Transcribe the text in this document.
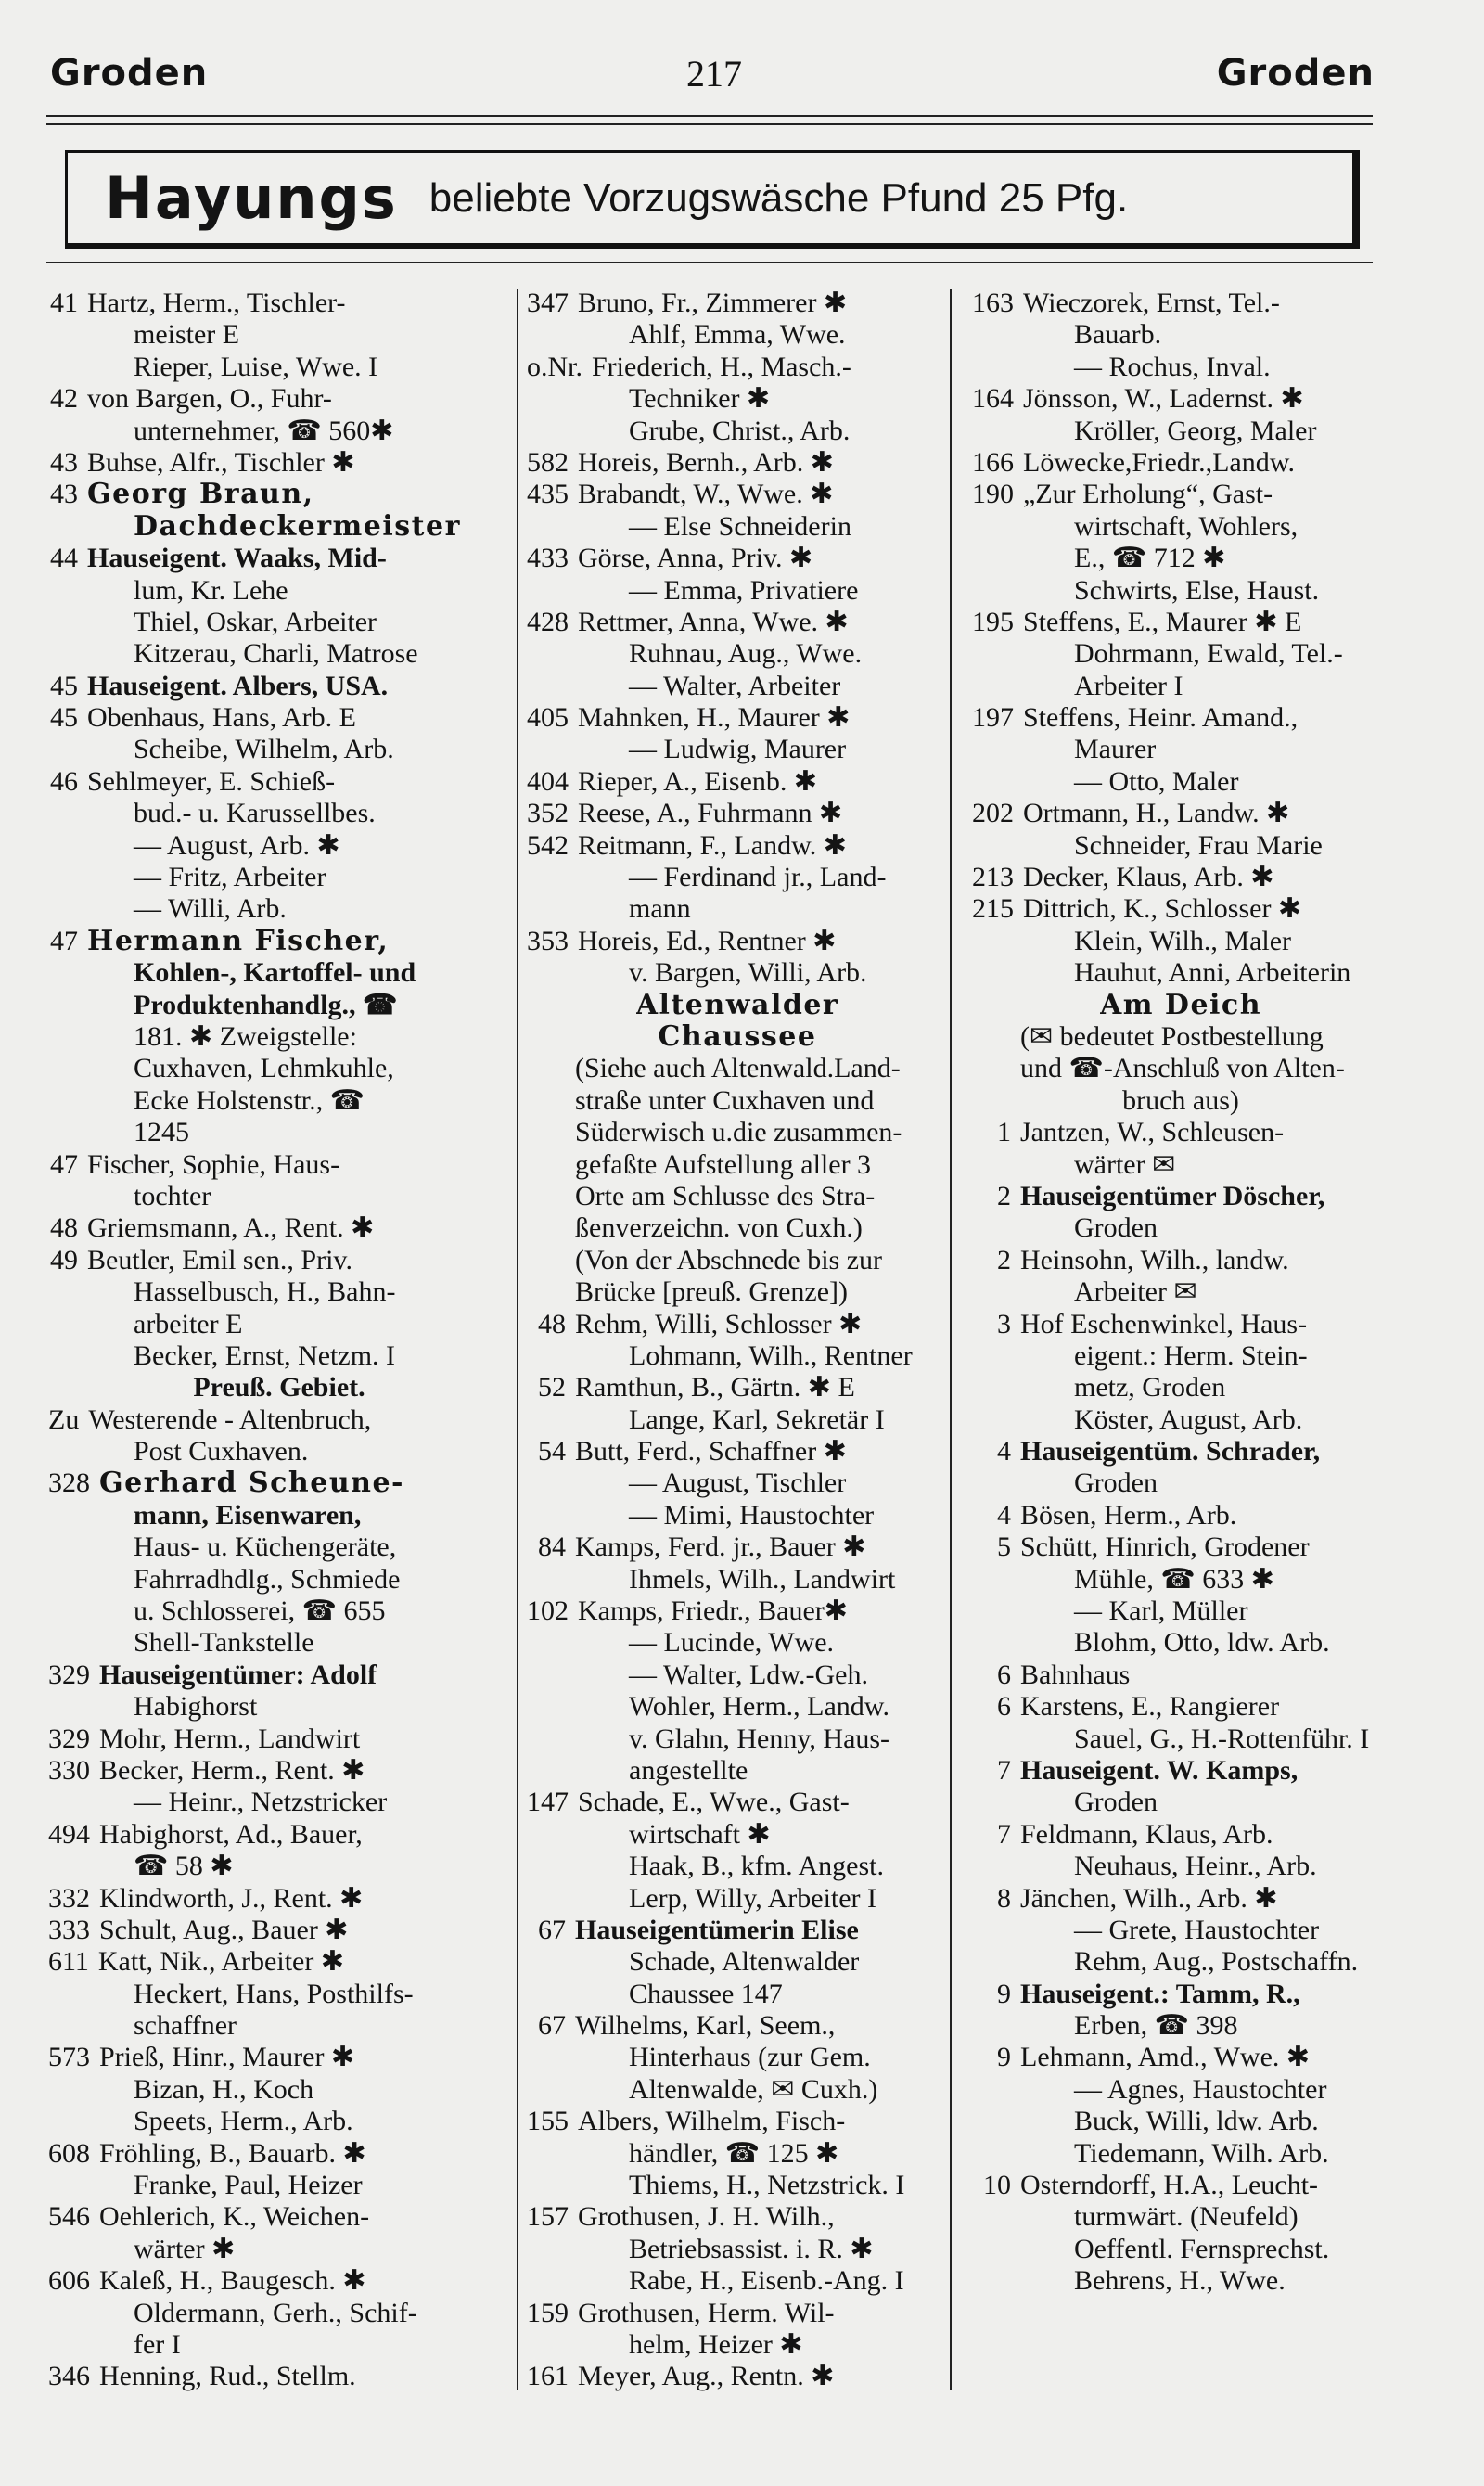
Groden	217	Groden
Hayungs beliebte Vorzugswäsche Pfund 25 Pfg.
41 Hartz, Herm., Tischler-
meister E
Rieper, Luise, Wwe. I
42 von Bargen, O., Fuhr-
unternehmer, ☎ 560✱
43 Buhse, Alfr., Tischler ✱
43 Georg Braun,
Dachdeckermeister
44 Hauseigent. Waaks, Mid-
lum, Kr. Lehe
Thiel, Oskar, Arbeiter
Kitzerau, Charli, Matrose
45 Hauseigent. Albers, USA.
45 Obenhaus, Hans, Arb. E
Scheibe, Wilhelm, Arb.
46 Sehlmeyer, E. Schieß-
bud.- u. Karussellbes.
— August, Arb. ✱
— Fritz, Arbeiter
— Willi, Arb.
47 Hermann Fischer,
Kohlen-, Kartoffel- und
Produktenhandlg., ☎
181. ✱ Zweigstelle:
Cuxhaven, Lehmkuhle,
Ecke Holstenstr., ☎
1245
47 Fischer, Sophie, Haus-
tochter
48 Griemsmann, A., Rent. ✱
49 Beutler, Emil sen., Priv.
Hasselbusch, H., Bahn-
arbeiter E
Becker, Ernst, Netzm. I
Preuß. Gebiet.
Zu Westerende - Altenbruch,
Post Cuxhaven.
328 Gerhard Scheune-
mann, Eisenwaren,
Haus- u. Küchengeräte,
Fahrradhdlg., Schmiede
u. Schlosserei, ☎ 655
Shell-Tankstelle
329 Hauseigentümer: Adolf
Habighorst
329 Mohr, Herm., Landwirt
330 Becker, Herm., Rent. ✱
— Heinr., Netzstricker
494 Habighorst, Ad., Bauer,
☎ 58 ✱
332 Klindworth, J., Rent. ✱
333 Schult, Aug., Bauer ✱
611 Katt, Nik., Arbeiter ✱
Heckert, Hans, Posthilfs-
schaffner
573 Prieß, Hinr., Maurer ✱
Bizan, H., Koch
Speets, Herm., Arb.
608 Fröhling, B., Bauarb. ✱
Franke, Paul, Heizer
546 Oehlerich, K., Weichen-
wärter ✱
606 Kaleß, H., Baugesch. ✱
Oldermann, Gerh., Schif-
fer I
346 Henning, Rud., Stellm.
347 Bruno, Fr., Zimmerer ✱
Ahlf, Emma, Wwe.
o.Nr. Friederich, H., Masch.-
Techniker ✱
Grube, Christ., Arb.
582 Horeis, Bernh., Arb. ✱
435 Brabandt, W., Wwe. ✱
— Else Schneiderin
433 Görse, Anna, Priv. ✱
— Emma, Privatiere
428 Rettmer, Anna, Wwe. ✱
Ruhnau, Aug., Wwe.
— Walter, Arbeiter
405 Mahnken, H., Maurer ✱
— Ludwig, Maurer
404 Rieper, A., Eisenb. ✱
352 Reese, A., Fuhrmann ✱
542 Reitmann, F., Landw. ✱
— Ferdinand jr., Land-
mann
353 Horeis, Ed., Rentner ✱
v. Bargen, Willi, Arb.
Altenwalder
Chaussee
(Siehe auch Altenwald.Land-
straße unter Cuxhaven und
Süderwisch u.die zusammen-
gefaßte Aufstellung aller 3
Orte am Schlusse des Stra-
ßenverzeichn. von Cuxh.)
(Von der Abschnede bis zur
Brücke [preuß. Grenze])
48 Rehm, Willi, Schlosser ✱
Lohmann, Wilh., Rentner
52 Ramthun, B., Gärtn. ✱ E
Lange, Karl, Sekretär I
54 Butt, Ferd., Schaffner ✱
— August, Tischler
— Mimi, Haustochter
84 Kamps, Ferd. jr., Bauer ✱
Ihmels, Wilh., Landwirt
102 Kamps, Friedr., Bauer✱
— Lucinde, Wwe.
— Walter, Ldw.-Geh.
Wohler, Herm., Landw.
v. Glahn, Henny, Haus-
angestellte
147 Schade, E., Wwe., Gast-
wirtschaft ✱
Haak, B., kfm. Angest.
Lerp, Willy, Arbeiter I
67 Hauseigentümerin Elise
Schade, Altenwalder
Chaussee 147
67 Wilhelms, Karl, Seem.,
Hinterhaus (zur Gem.
Altenwalde, ✉ Cuxh.)
155 Albers, Wilhelm, Fisch-
händler, ☎ 125 ✱
Thiems, H., Netzstrick. I
157 Grothusen, J. H. Wilh.,
Betriebsassist. i. R. ✱
Rabe, H., Eisenb.-Ang. I
159 Grothusen, Herm. Wil-
helm, Heizer ✱
161 Meyer, Aug., Rentn. ✱
163 Wieczorek, Ernst, Tel.-
Bauarb.
— Rochus, Inval.
164 Jönsson, W., Ladernst. ✱
Kröller, Georg, Maler
166 Löwecke,Friedr.,Landw.
190 „Zur Erholung“, Gast-
wirtschaft, Wohlers,
E., ☎ 712 ✱
Schwirts, Else, Haust.
195 Steffens, E., Maurer ✱ E
Dohrmann, Ewald, Tel.-
Arbeiter I
197 Steffens, Heinr. Amand.,
Maurer
— Otto, Maler
202 Ortmann, H., Landw. ✱
Schneider, Frau Marie
213 Decker, Klaus, Arb. ✱
215 Dittrich, K., Schlosser ✱
Klein, Wilh., Maler
Hauhut, Anni, Arbeiterin
Am Deich
(✉ bedeutet Postbestellung
und ☎-Anschluß von Alten-
bruch aus)
1 Jantzen, W., Schleusen-
wärter ✉
2 Hauseigentümer Döscher,
Groden
2 Heinsohn, Wilh., landw.
Arbeiter ✉
3 Hof Eschenwinkel, Haus-
eigent.: Herm. Stein-
metz, Groden
Köster, August, Arb.
4 Hauseigentüm. Schrader,
Groden
4 Bösen, Herm., Arb.
5 Schütt, Hinrich, Grodener
Mühle, ☎ 633 ✱
— Karl, Müller
Blohm, Otto, ldw. Arb.
6 Bahnhaus
6 Karstens, E., Rangierer
Sauel, G., H.-Rottenführ. I
7 Hauseigent. W. Kamps,
Groden
7 Feldmann, Klaus, Arb.
Neuhaus, Heinr., Arb.
8 Jänchen, Wilh., Arb. ✱
— Grete, Haustochter
Rehm, Aug., Postschaffn.
9 Hauseigent.: Tamm, R.,
Erben, ☎ 398
9 Lehmann, Amd., Wwe. ✱
— Agnes, Haustochter
Buck, Willi, ldw. Arb.
Tiedemann, Wilh. Arb.
10 Osterndorff, H.A., Leucht-
turmwärt. (Neufeld)
Oeffentl. Fernsprechst.
Behrens, H., Wwe.
